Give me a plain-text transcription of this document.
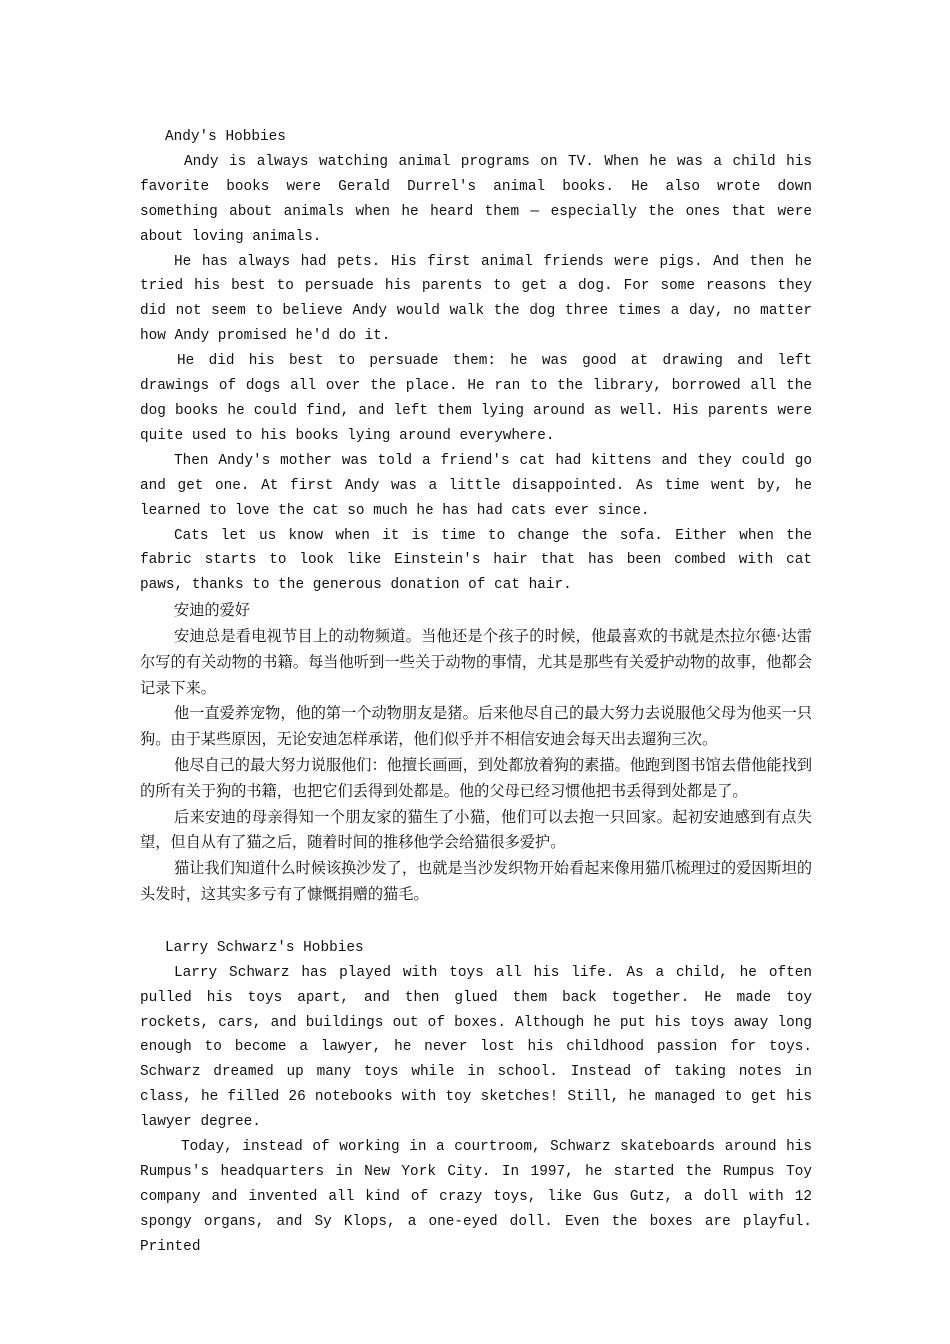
Andy's Hobbies

Andy is always watching animal programs on TV. When he was a child his favorite books were Gerald Durrel's animal books. He also wrote down something about animals when he heard them — especially the ones that were about loving animals.

He has always had pets. His first animal friends were pigs. And then he tried his best to persuade his parents to get a dog. For some reasons they did not seem to believe Andy would walk the dog three times a day, no matter how Andy promised he'd do it.

He did his best to persuade them: he was good at drawing and left drawings of dogs all over the place. He ran to the library, borrowed all the dog books he could find, and left them lying around as well. His parents were quite used to his books lying around everywhere.

Then Andy's mother was told a friend's cat had kittens and they could go and get one. At first Andy was a little disappointed. As time went by, he learned to love the cat so much he has had cats ever since.

Cats let us know when it is time to change the sofa. Either when the fabric starts to look like Einstein's hair that has been combed with cat paws, thanks to the generous donation of cat hair.

安迪的爱好

安迪总是看电视节目上的动物频道。当他还是个孩子的时候，他最喜欢的书就是杰拉尔德·达雷尔写的有关动物的书籍。每当他听到一些关于动物的事情，尤其是那些有关爱护动物的故事，他都会记录下来。

他一直爱养宠物，他的第一个动物朋友是猪。后来他尽自己的最大努力去说服他父母为他买一只狗。由于某些原因，无论安迪怎样承诺，他们似乎并不相信安迪会每天出去遛狗三次。

他尽自己的最大努力说服他们：他擅长画画，到处都放着狗的素描。他跑到图书馆去借他能找到的所有关于狗的书籍，也把它们丢得到处都是。他的父母已经习惯他把书丢得到处都是了。

后来安迪的母亲得知一个朋友家的猫生了小猫，他们可以去抱一只回家。起初安迪感到有点失望，但自从有了猫之后，随着时间的推移他学会给猫很多爱护。

猫让我们知道什么时候该换沙发了，也就是当沙发织物开始看起来像用猫爪梳理过的爱因斯坦的头发时，这其实多亏有了慷慨捐赠的猫毛。

Larry Schwarz's Hobbies

Larry Schwarz has played with toys all his life. As a child, he often pulled his toys apart, and then glued them back together. He made toy rockets, cars, and buildings out of boxes. Although he put his toys away long enough to become a lawyer, he never lost his childhood passion for toys. Schwarz dreamed up many toys while in school. Instead of taking notes in class, he filled 26 notebooks with toy sketches! Still, he managed to get his lawyer degree.

Today, instead of working in a courtroom, Schwarz skateboards around his Rumpus's headquarters in New York City. In 1997, he started the Rumpus Toy company and invented all kind of crazy toys, like Gus Gutz, a doll with 12 spongy organs, and Sy Klops, a one-eyed doll. Even the boxes are playful. Printed
